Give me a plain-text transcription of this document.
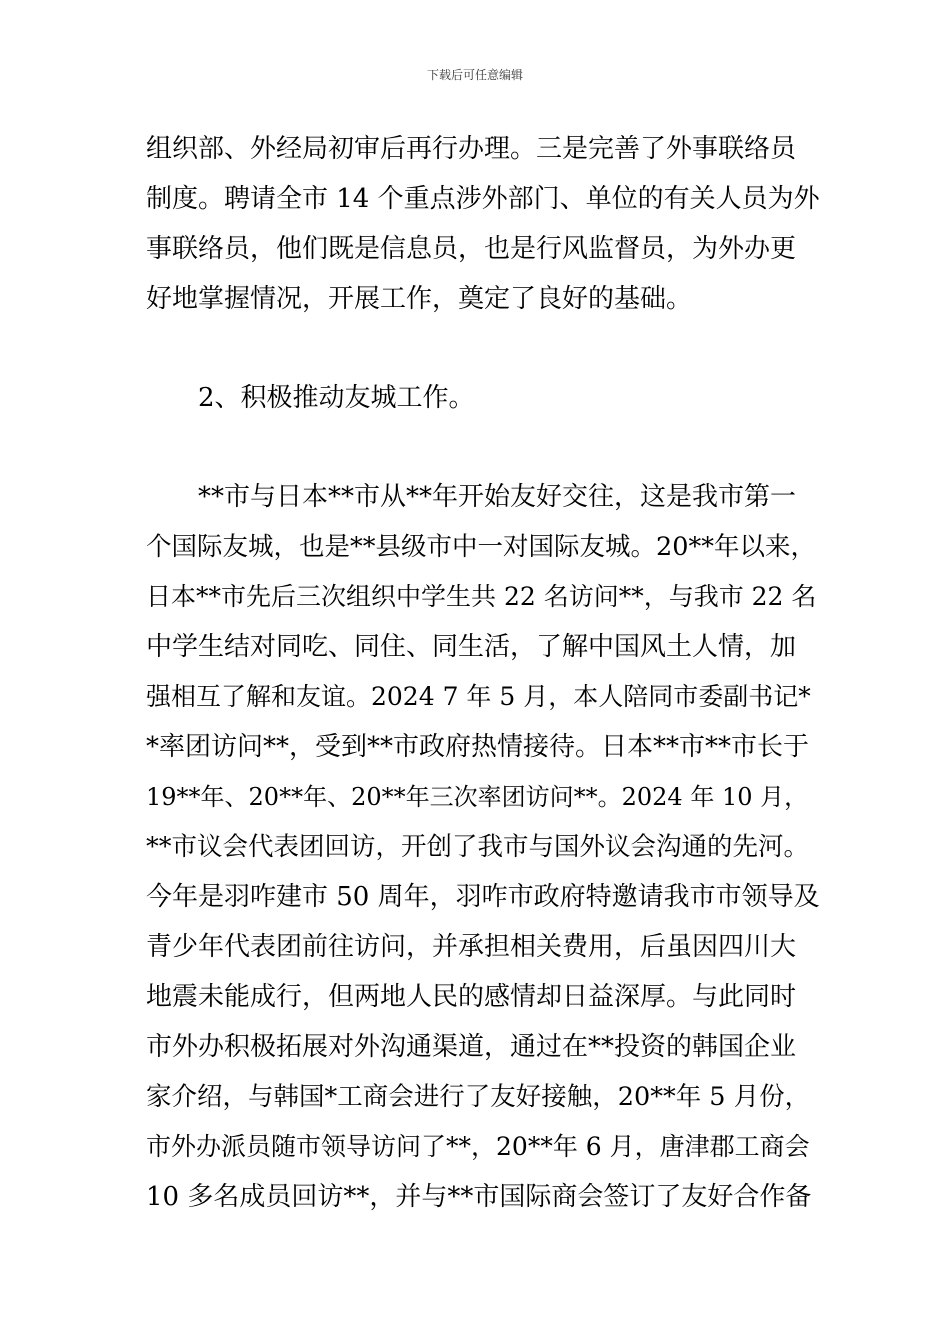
下载后可任意编辑
组织部、外经局初审后再行办理。三是完善了外事联络员
制度。聘请全市 14 个重点涉外部门、单位的有关人员为外
事联络员，他们既是信息员，也是行风监督员，为外办更
好地掌握情况，开展工作，奠定了良好的基础。
2、积极推动友城工作。
**市与日本**市从**年开始友好交往，这是我市第一
个国际友城，也是**县级市中一对国际友城。20**年以来，
日本**市先后三次组织中学生共 22 名访问**，与我市 22 名
中学生结对同吃、同住、同生活，了解中国风土人情，加
强相互了解和友谊。2024 7 年 5 月，本人陪同市委副书记*
*率团访问**，受到**市政府热情接待。日本**市**市长于
19**年、20**年、20**年三次率团访问**。2024 年 10 月，
**市议会代表团回访，开创了我市与国外议会沟通的先河。
今年是羽咋建市 50 周年，羽咋市政府特邀请我市市领导及
青少年代表团前往访问，并承担相关费用，后虽因四川大
地震未能成行，但两地人民的感情却日益深厚。与此同时
市外办积极拓展对外沟通渠道，通过在**投资的韩国企业
家介绍，与韩国*工商会进行了友好接触，20**年 5 月份，
市外办派员随市领导访问了**，20**年 6 月，唐津郡工商会
10 多名成员回访**，并与**市国际商会签订了友好合作备
